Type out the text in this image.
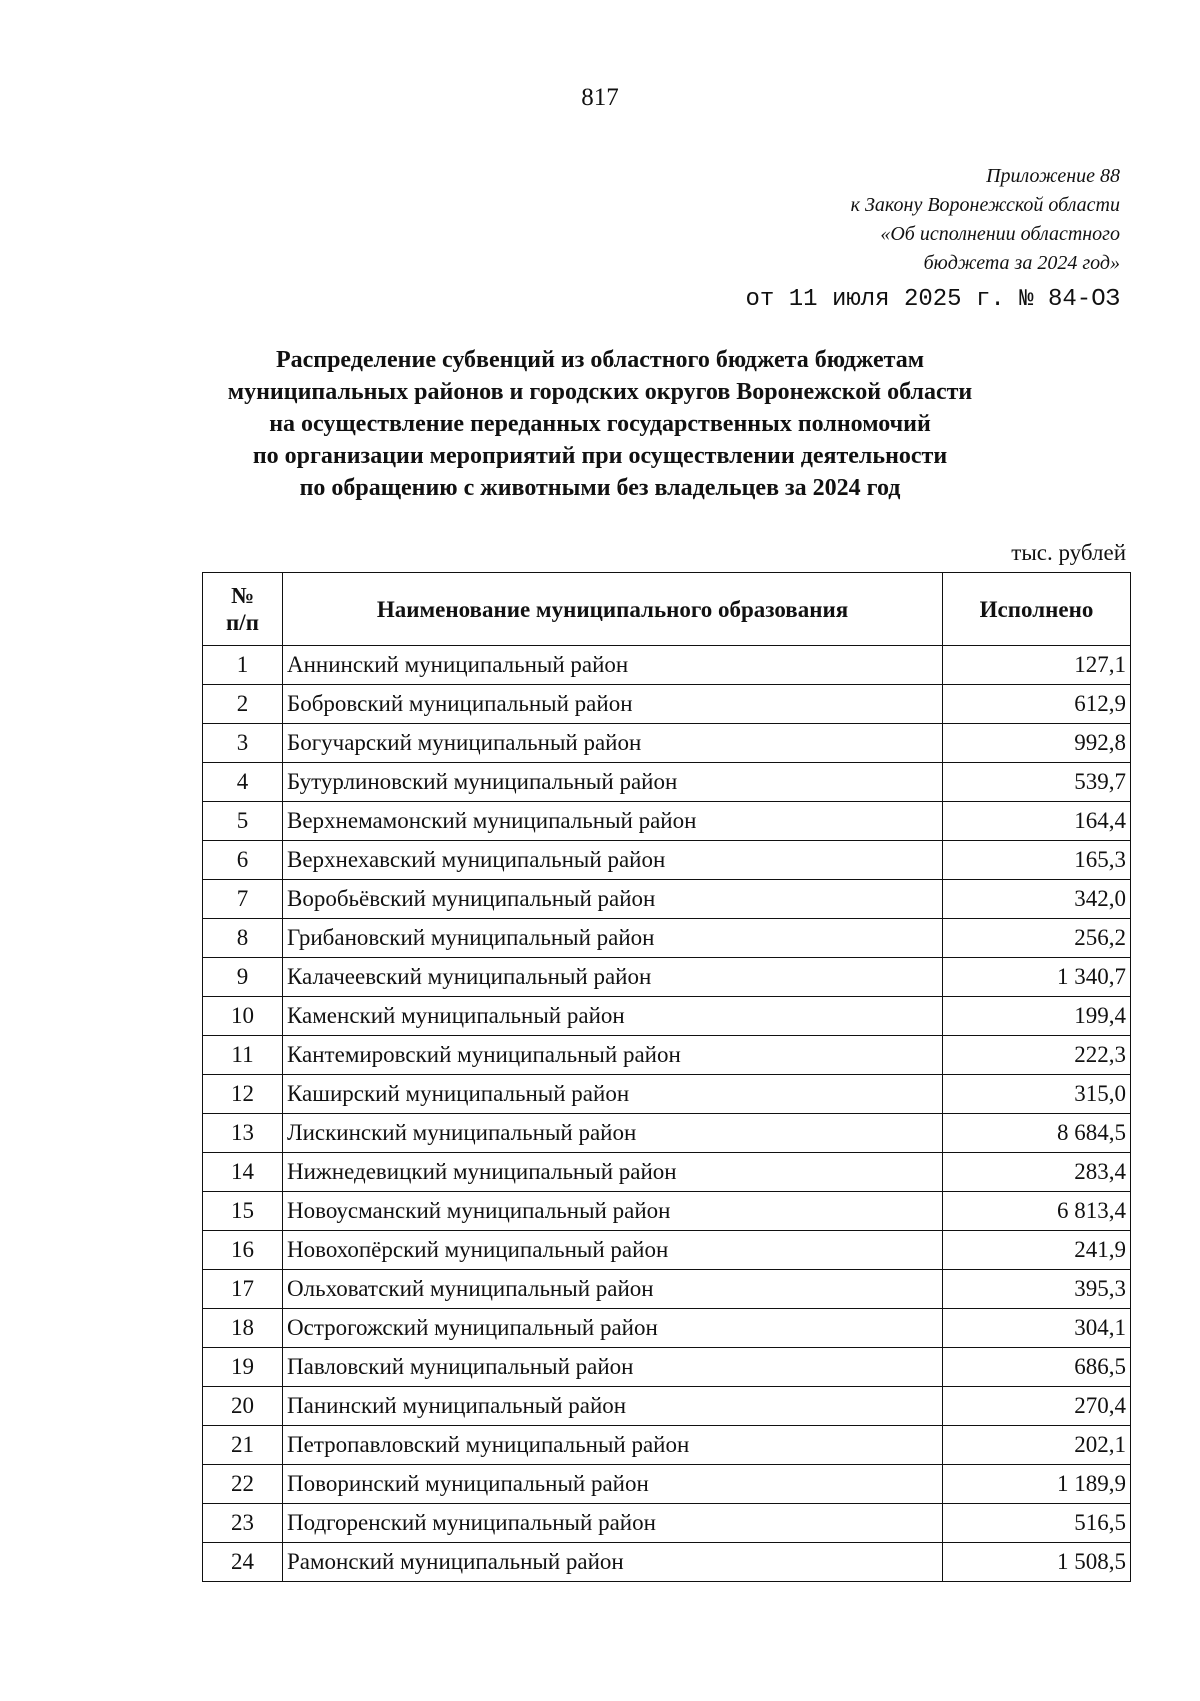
817
Приложение 88
к Закону Воронежской области
«Об исполнении областного
бюджета за 2024 год»
от 11 июля 2025 г. № 84-ОЗ
Распределение субвенций из областного бюджета бюджетам
муниципальных районов и городских округов Воронежской области
на осуществление переданных государственных полномочий
по организации мероприятий при осуществлении деятельности
по обращению с животными без владельцев за 2024 год
тыс. рублей
№
п/п	Наименование муниципального образования	Исполнено
1	Аннинский муниципальный район	127,1
2	Бобровский муниципальный район	612,9
3	Богучарский муниципальный район	992,8
4	Бутурлиновский муниципальный район	539,7
5	Верхнемамонский муниципальный район	164,4
6	Верхнехавский муниципальный район	165,3
7	Воробьёвский муниципальный район	342,0
8	Грибановский муниципальный район	256,2
9	Калачеевский муниципальный район	1 340,7
10	Каменский муниципальный район	199,4
11	Кантемировский муниципальный район	222,3
12	Каширский муниципальный район	315,0
13	Лискинский муниципальный район	8 684,5
14	Нижнедевицкий муниципальный район	283,4
15	Новоусманский муниципальный район	6 813,4
16	Новохопёрский муниципальный район	241,9
17	Ольховатский муниципальный район	395,3
18	Острогожский муниципальный район	304,1
19	Павловский муниципальный район	686,5
20	Панинский муниципальный район	270,4
21	Петропавловский муниципальный район	202,1
22	Поворинский муниципальный район	1 189,9
23	Подгоренский муниципальный район	516,5
24	Рамонский муниципальный район	1 508,5
